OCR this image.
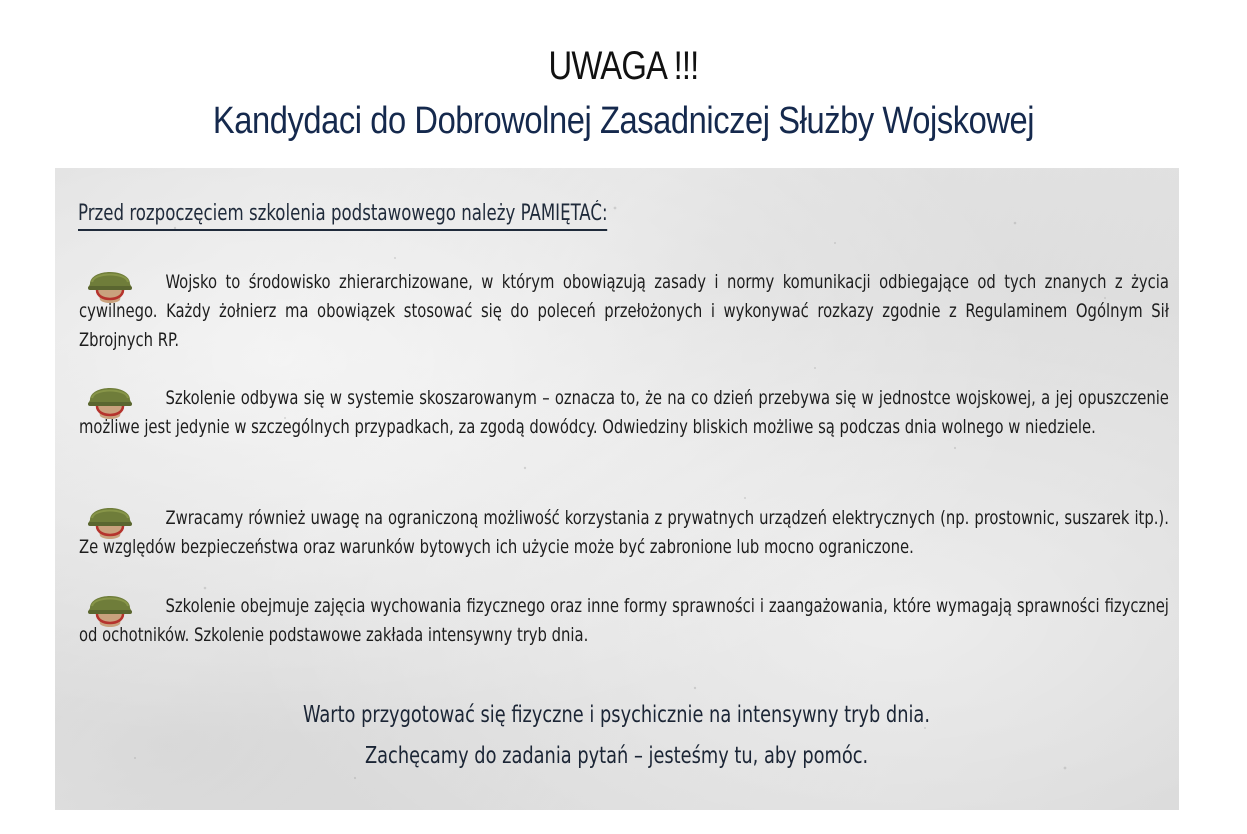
UWAGA !!!
Kandydaci do Dobrowolnej Zasadniczej Służby Wojskowej
Przed rozpoczęciem szkolenia podstawowego należy PAMIĘTAĆ:
Wojsko to środowisko zhierarchizowane, w którym obowiązują zasady i normy komunikacji odbiegające od tych znanych z życia cywilnego. Każdy żołnierz ma obowiązek stosować się do poleceń przełożonych i wykonywać rozkazy zgodnie z Regulaminem Ogólnym Sił Zbrojnych RP.
Szkolenie odbywa się w systemie skoszarowanym – oznacza to, że na co dzień przebywa się w jednostce wojskowej, a jej opuszczenie możliwe jest jedynie w szczególnych przypadkach, za zgodą dowódcy. Odwiedziny bliskich możliwe są podczas dnia wolnego w niedziele.
Zwracamy również uwagę na ograniczoną możliwość korzystania z prywatnych urządzeń elektrycznych (np. prostownic, suszarek itp.). Ze względów bezpieczeństwa oraz warunków bytowych ich użycie może być zabronione lub mocno ograniczone.
Szkolenie obejmuje zajęcia wychowania fizycznego oraz inne formy sprawności i zaangażowania, które wymagają sprawności fizycznej od ochotników. Szkolenie podstawowe zakłada intensywny tryb dnia.
Warto przygotować się fizyczne i psychicznie na intensywny tryb dnia.
Zachęcamy do zadania pytań – jesteśmy tu, aby pomóc.
